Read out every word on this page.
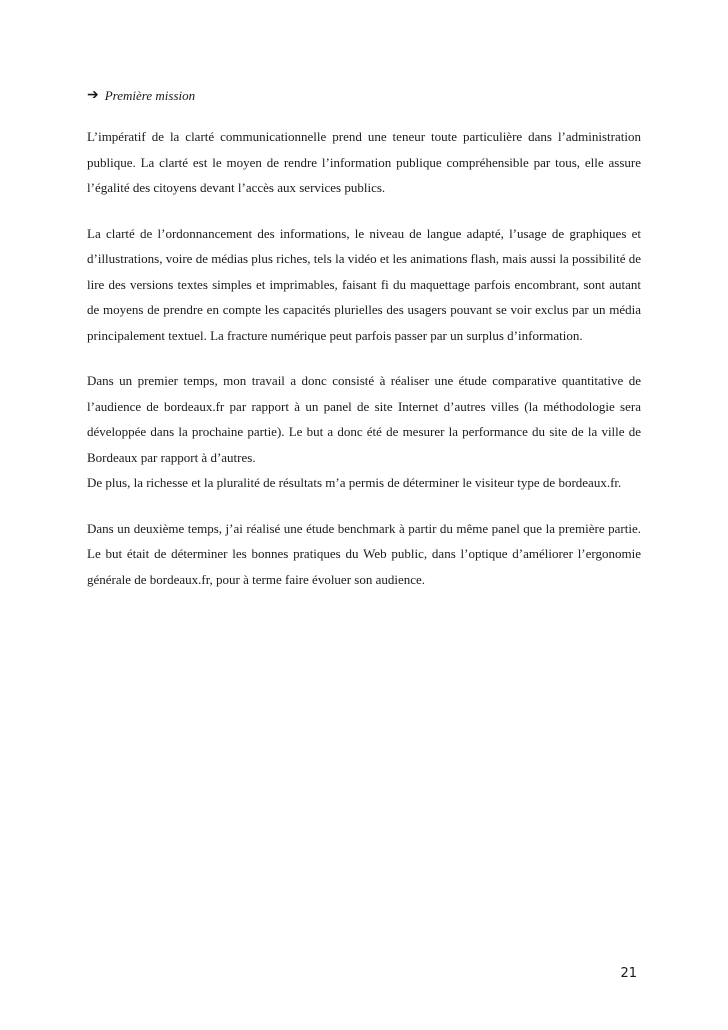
➔ Première mission

L’impératif de la clarté communicationnelle prend une teneur toute particulière dans l’administration publique. La clarté est le moyen de rendre l’information publique compréhensible par tous, elle assure l’égalité des citoyens devant l’accès aux services publics.

La clarté de l’ordonnancement des informations, le niveau de langue adapté, l’usage de graphiques et d’illustrations, voire de médias plus riches, tels la vidéo et les animations flash, mais aussi la possibilité de lire des versions textes simples et imprimables, faisant fi du maquettage parfois encombrant, sont autant de moyens de prendre en compte les capacités plurielles des usagers pouvant se voir exclus par un média principalement textuel. La fracture numérique peut parfois passer par un surplus d’information.

Dans un premier temps, mon travail a donc consisté à réaliser une étude comparative quantitative de l’audience de bordeaux.fr par rapport à un panel de site Internet d’autres villes (la méthodologie sera développée dans la prochaine partie). Le but a donc été de mesurer la performance du site de la ville de Bordeaux par rapport à d’autres.

De plus, la richesse et la pluralité de résultats m’a permis de déterminer le visiteur type de bordeaux.fr.

Dans un deuxième temps, j’ai réalisé une étude benchmark à partir du même panel que la première partie. Le but était de déterminer les bonnes pratiques du Web public, dans l’optique d’améliorer l’ergonomie générale de bordeaux.fr, pour à terme faire évoluer son audience.

21
